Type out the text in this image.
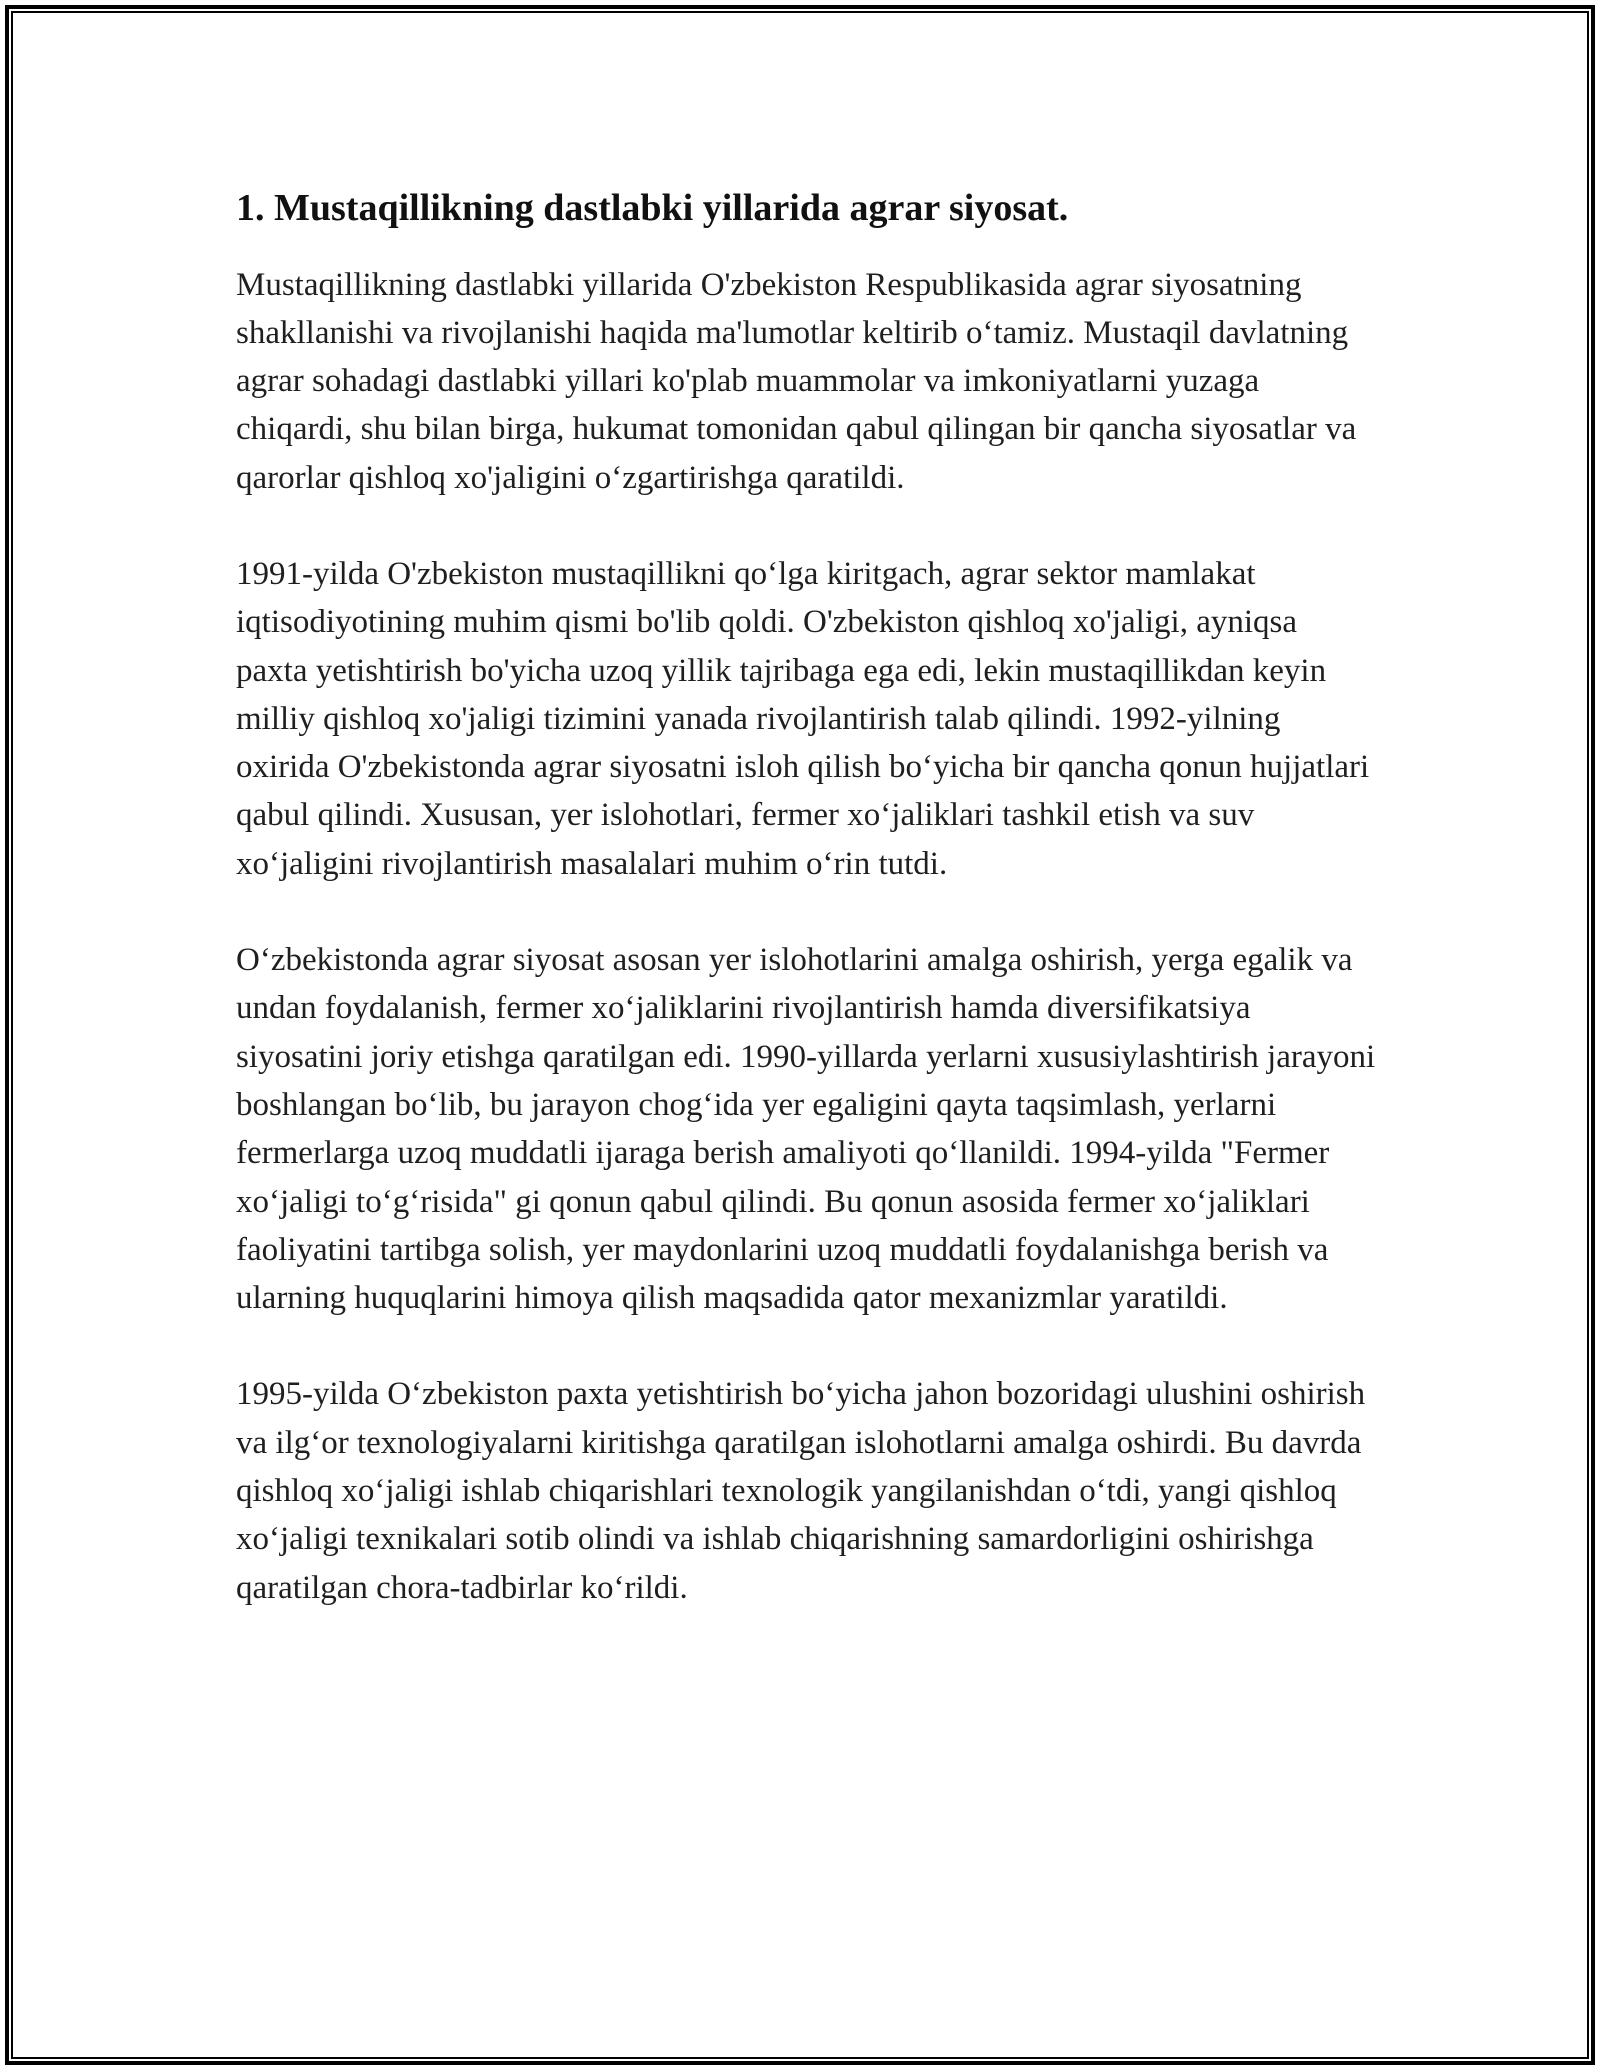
1. Mustaqillikning dastlabki yillarida agrar siyosat.

Mustaqillikning dastlabki yillarida O'zbekiston Respublikasida agrar siyosatning shakllanishi va rivojlanishi haqida ma'lumotlar keltirib o‘tamiz. Mustaqil davlatning agrar sohadagi dastlabki yillari ko'plab muammolar va imkoniyatlarni yuzaga chiqardi, shu bilan birga, hukumat tomonidan qabul qilingan bir qancha siyosatlar va qarorlar qishloq xo'jaligini o‘zgartirishga qaratildi.

1991-yilda O'zbekiston mustaqillikni qo‘lga kiritgach, agrar sektor mamlakat iqtisodiyotining muhim qismi bo'lib qoldi. O'zbekiston qishloq xo'jaligi, ayniqsa paxta yetishtirish bo'yicha uzoq yillik tajribaga ega edi, lekin mustaqillikdan keyin milliy qishloq xo'jaligi tizimini yanada rivojlantirish talab qilindi. 1992-yilning oxirida O'zbekistonda agrar siyosatni isloh qilish bo‘yicha bir qancha qonun hujjatlari qabul qilindi. Xususan, yer islohotlari, fermer xo‘jaliklari tashkil etish va suv xo‘jaligini rivojlantirish masalalari muhim o‘rin tutdi.

O‘zbekistonda agrar siyosat asosan yer islohotlarini amalga oshirish, yerga egalik va undan foydalanish, fermer xo‘jaliklarini rivojlantirish hamda diversifikatsiya siyosatini joriy etishga qaratilgan edi. 1990-yillarda yerlarni xususiylashtirish jarayoni boshlangan bo‘lib, bu jarayon chog‘ida yer egaligini qayta taqsimlash, yerlarni fermerlarga uzoq muddatli ijaraga berish amaliyoti qo‘llanildi. 1994-yilda "Fermer xo‘jaligi to‘g‘risida" gi qonun qabul qilindi. Bu qonun asosida fermer xo‘jaliklari faoliyatini tartibga solish, yer maydonlarini uzoq muddatli foydalanishga berish va ularning huquqlarini himoya qilish maqsadida qator mexanizmlar yaratildi.

1995-yilda O‘zbekiston paxta yetishtirish bo‘yicha jahon bozoridagi ulushini oshirish va ilg‘or texnologiyalarni kiritishga qaratilgan islohotlarni amalga oshirdi. Bu davrda qishloq xo‘jaligi ishlab chiqarishlari texnologik yangilanishdan o‘tdi, yangi qishloq xo‘jaligi texnikalari sotib olindi va ishlab chiqarishning samardorligini oshirishga qaratilgan chora-tadbirlar ko‘rildi.
